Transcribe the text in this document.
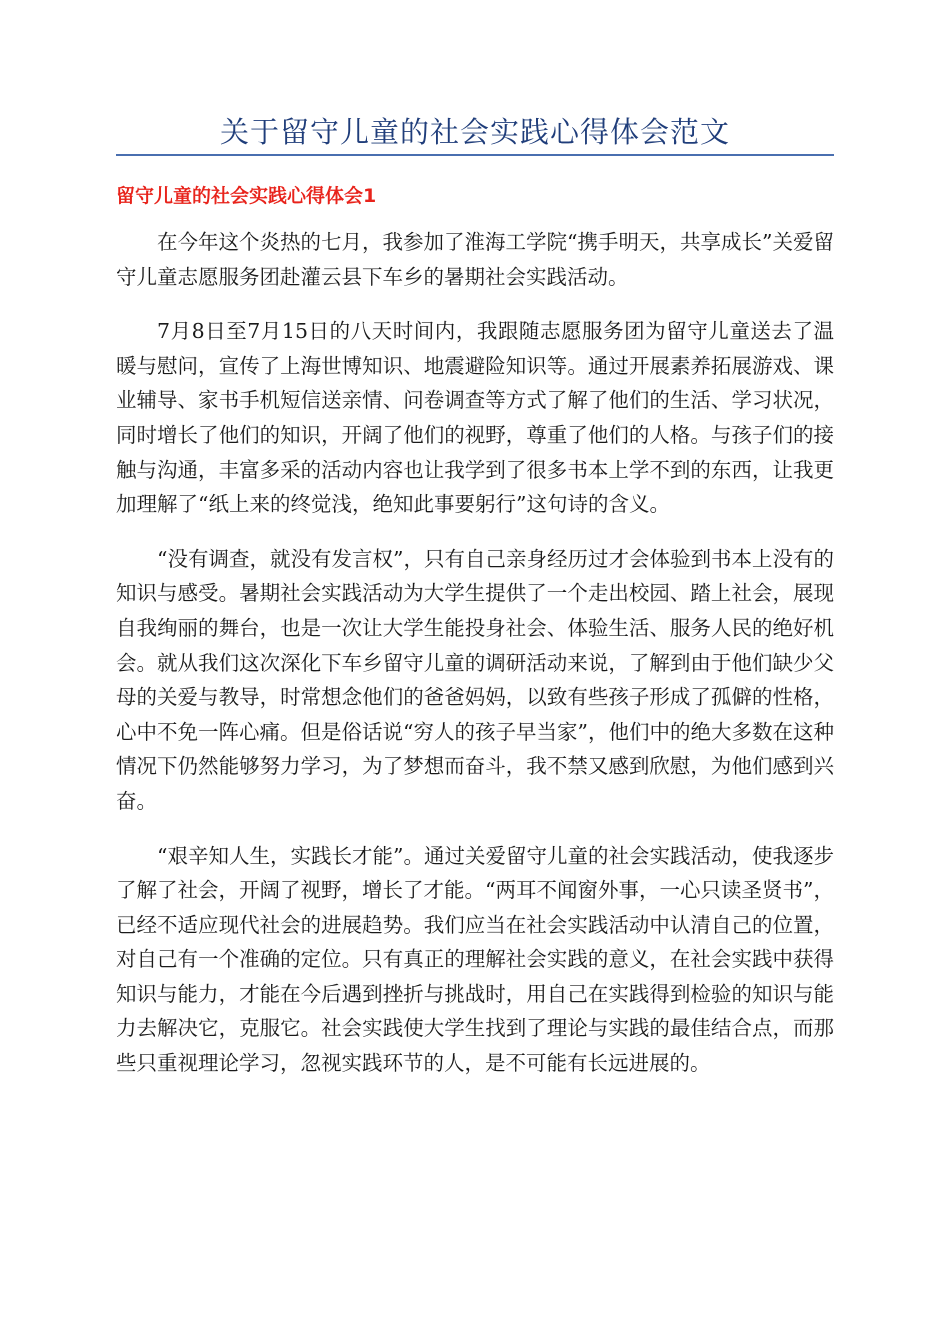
关于留守儿童的社会实践心得体会范文
留守儿童的社会实践心得体会1

在今年这个炎热的七月，我参加了淮海工学院“携手明天，共享成长”关爱留守儿童志愿服务团赴灌云县下车乡的暑期社会实践活动。

7月8日至7月15日的八天时间内，我跟随志愿服务团为留守儿童送去了温暖与慰问，宣传了上海世博知识、地震避险知识等。通过开展素养拓展游戏、课业辅导、家书手机短信送亲情、问卷调查等方式了解了他们的生活、学习状况，同时增长了他们的知识，开阔了他们的视野，尊重了他们的人格。与孩子们的接触与沟通，丰富多采的活动内容也让我学到了很多书本上学不到的东西，让我更加理解了“纸上来的终觉浅，绝知此事要躬行”这句诗的含义。

“没有调查，就没有发言权”，只有自己亲身经历过才会体验到书本上没有的知识与感受。暑期社会实践活动为大学生提供了一个走出校园、踏上社会，展现自我绚丽的舞台，也是一次让大学生能投身社会、体验生活、服务人民的绝好机会。就从我们这次深化下车乡留守儿童的调研活动来说，了解到由于他们缺少父母的关爱与教导，时常想念他们的爸爸妈妈，以致有些孩子形成了孤僻的性格，心中不免一阵心痛。但是俗话说“穷人的孩子早当家”，他们中的绝大多数在这种情况下仍然能够努力学习，为了梦想而奋斗，我不禁又感到欣慰，为他们感到兴奋。

“艰辛知人生，实践长才能”。通过关爱留守儿童的社会实践活动，使我逐步了解了社会，开阔了视野，增长了才能。“两耳不闻窗外事，一心只读圣贤书”，已经不适应现代社会的进展趋势。我们应当在社会实践活动中认清自己的位置，对自己有一个准确的定位。只有真正的理解社会实践的意义，在社会实践中获得知识与能力，才能在今后遇到挫折与挑战时，用自己在实践得到检验的知识与能力去解决它，克服它。社会实践使大学生找到了理论与实践的最佳结合点，而那些只重视理论学习，忽视实践环节的人，是不可能有长远进展的。
